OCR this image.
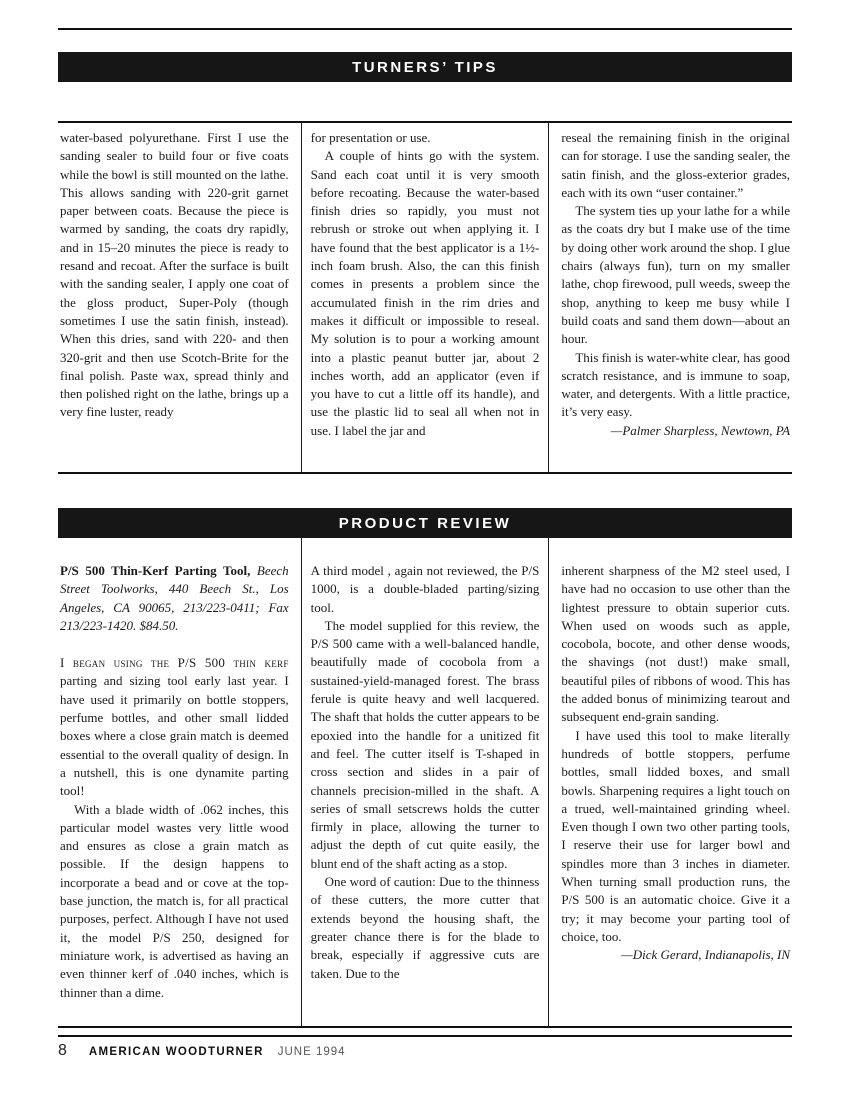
TURNERS’ TIPS

water-based polyurethane. First I use the sanding sealer to build four or five coats while the bowl is still mounted on the lathe. This allows sanding with 220-grit garnet paper between coats. Because the piece is warmed by sanding, the coats dry rapidly, and in 15–20 minutes the piece is ready to resand and recoat. After the surface is built with the sanding sealer, I apply one coat of the gloss product, Super-Poly (though sometimes I use the satin finish, instead). When this dries, sand with 220- and then 320-grit and then use Scotch-Brite for the final polish. Paste wax, spread thinly and then polished right on the lathe, brings up a very fine luster, ready

for presentation or use.

A couple of hints go with the system. Sand each coat until it is very smooth before recoating. Because the water-based finish dries so rapidly, you must not rebrush or stroke out when applying it. I have found that the best applicator is a 1½-inch foam brush. Also, the can this finish comes in presents a problem since the accumulated finish in the rim dries and makes it difficult or impossible to reseal. My solution is to pour a working amount into a plastic peanut butter jar, about 2 inches worth, add an applicator (even if you have to cut a little off its handle), and use the plastic lid to seal all when not in use. I label the jar and

reseal the remaining finish in the original can for storage. I use the sanding sealer, the satin finish, and the gloss-exterior grades, each with its own “user container.”

The system ties up your lathe for a while as the coats dry but I make use of the time by doing other work around the shop. I glue chairs (always fun), turn on my smaller lathe, chop firewood, pull weeds, sweep the shop, anything to keep me busy while I build coats and sand them down—about an hour.

This finish is water-white clear, has good scratch resistance, and is immune to soap, water, and detergents. With a little practice, it’s very easy.

—Palmer Sharpless, Newtown, PA

PRODUCT REVIEW

P/S 500 Thin-Kerf Parting Tool, Beech Street Toolworks, 440 Beech St., Los Angeles, CA 90065, 213/223-0411; Fax 213/223-1420. $84.50.

I began using the P/S 500 thin kerf parting and sizing tool early last year. I have used it primarily on bottle stoppers, perfume bottles, and other small lidded boxes where a close grain match is deemed essential to the overall quality of design. In a nutshell, this is one dynamite parting tool!

With a blade width of .062 inches, this particular model wastes very little wood and ensures as close a grain match as possible. If the design happens to incorporate a bead and or cove at the top-base junction, the match is, for all practical purposes, perfect. Although I have not used it, the model P/S 250, designed for miniature work, is advertised as having an even thinner kerf of .040 inches, which is thinner than a dime.

A third model , again not reviewed, the P/S 1000, is a double-bladed parting/sizing tool.

The model supplied for this review, the P/S 500 came with a well-balanced handle, beautifully made of cocobola from a sustained-yield-managed forest. The brass ferule is quite heavy and well lacquered. The shaft that holds the cutter appears to be epoxied into the handle for a unitized fit and feel. The cutter itself is T-shaped in cross section and slides in a pair of channels precision-milled in the shaft. A series of small setscrews holds the cutter firmly in place, allowing the turner to adjust the depth of cut quite easily, the blunt end of the shaft acting as a stop.

One word of caution: Due to the thinness of these cutters, the more cutter that extends beyond the housing shaft, the greater chance there is for the blade to break, especially if aggressive cuts are taken. Due to the

inherent sharpness of the M2 steel used, I have had no occasion to use other than the lightest pressure to obtain superior cuts. When used on woods such as apple, cocobola, bocote, and other dense woods, the shavings (not dust!) make small, beautiful piles of ribbons of wood. This has the added bonus of minimizing tearout and subsequent end-grain sanding.

I have used this tool to make literally hundreds of bottle stoppers, perfume bottles, small lidded boxes, and small bowls. Sharpening requires a light touch on a trued, well-maintained grinding wheel. Even though I own two other parting tools, I reserve their use for larger bowl and spindles more than 3 inches in diameter. When turning small production runs, the P/S 500 is an automatic choice. Give it a try; it may become your parting tool of choice, too.

—Dick Gerard, Indianapolis, IN

8 AMERICAN WOODTURNER JUNE 1994
